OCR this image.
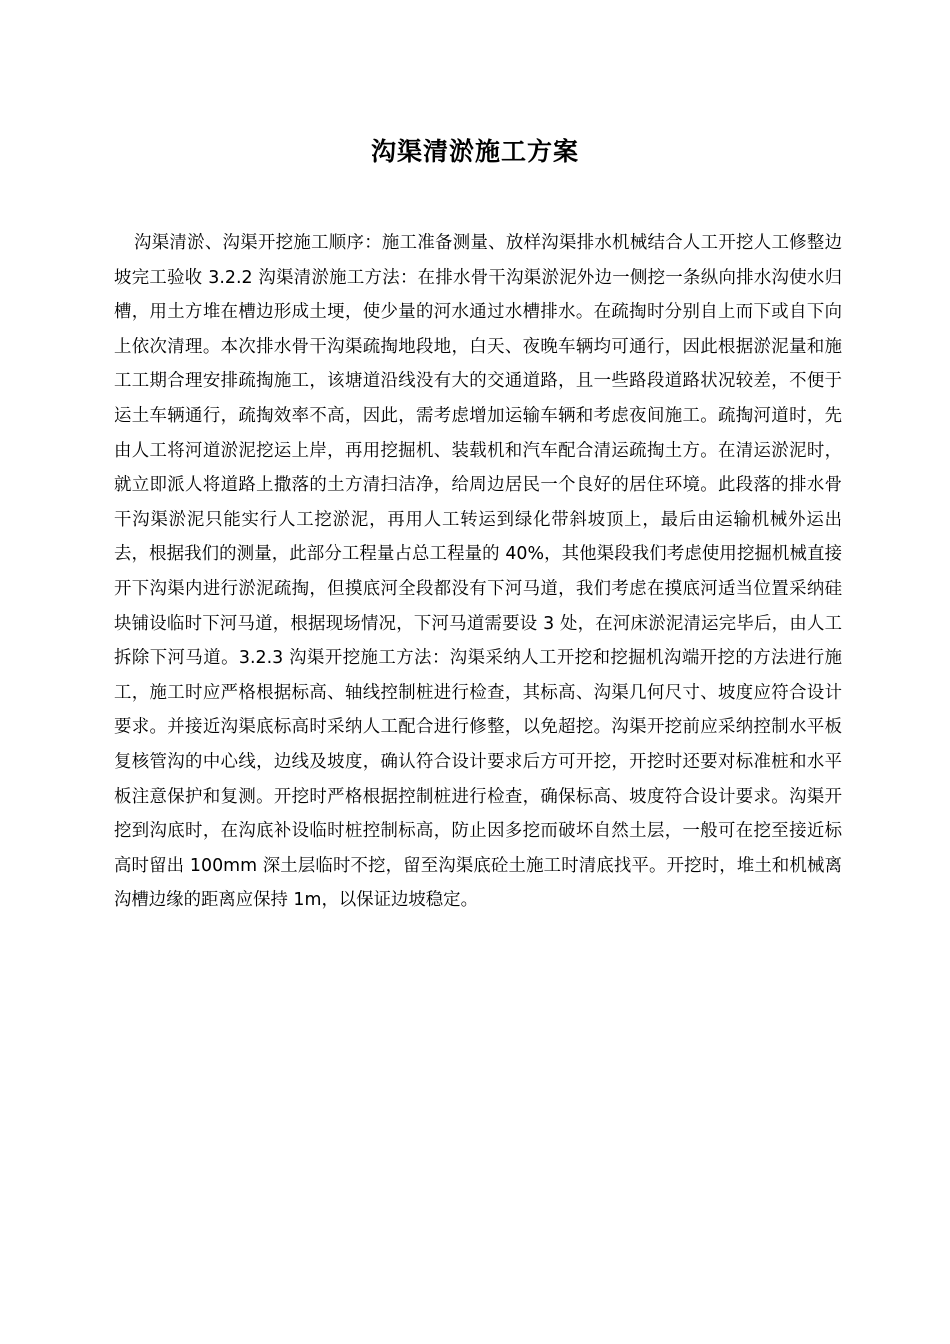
沟渠清淤施工方案

沟渠清淤、沟渠开挖施工顺序：施工准备测量、放样沟渠排水机械结合人工开挖人工修整边坡完工验收 3.2.2 沟渠清淤施工方法：在排水骨干沟渠淤泥外边一侧挖一条纵向排水沟使水归槽，用土方堆在槽边形成土埂，使少量的河水通过水槽排水。在疏掏时分别自上而下或自下向上依次清理。本次排水骨干沟渠疏掏地段地，白天、夜晚车辆均可通行，因此根据淤泥量和施工工期合理安排疏掏施工，该塘道沿线没有大的交通道路，且一些路段道路状况较差，不便于运土车辆通行，疏掏效率不高，因此，需考虑增加运输车辆和考虑夜间施工。疏掏河道时，先由人工将河道淤泥挖运上岸，再用挖掘机、装载机和汽车配合清运疏掏土方。在清运淤泥时，就立即派人将道路上撒落的土方清扫洁净，给周边居民一个良好的居住环境。此段落的排水骨干沟渠淤泥只能实行人工挖淤泥，再用人工转运到绿化带斜坡顶上，最后由运输机械外运出去，根据我们的测量，此部分工程量占总工程量的 40%，其他渠段我们考虑使用挖掘机械直接开下沟渠内进行淤泥疏掏，但摸底河全段都没有下河马道，我们考虑在摸底河适当位置采纳硅块铺设临时下河马道，根据现场情况，下河马道需要设 3 处，在河床淤泥清运完毕后，由人工拆除下河马道。3.2.3 沟渠开挖施工方法：沟渠采纳人工开挖和挖掘机沟端开挖的方法进行施工，施工时应严格根据标高、轴线控制桩进行检查，其标高、沟渠几何尺寸、坡度应符合设计要求。并接近沟渠底标高时采纳人工配合进行修整，以免超挖。沟渠开挖前应采纳控制水平板复核管沟的中心线，边线及坡度，确认符合设计要求后方可开挖，开挖时还要对标准桩和水平板注意保护和复测。开挖时严格根据控制桩进行检查，确保标高、坡度符合设计要求。沟渠开挖到沟底时，在沟底补设临时桩控制标高，防止因多挖而破坏自然土层，一般可在挖至接近标高时留出 100mm 深土层临时不挖，留至沟渠底砼土施工时清底找平。开挖时，堆土和机械离沟槽边缘的距离应保持 1m，以保证边坡稳定。
